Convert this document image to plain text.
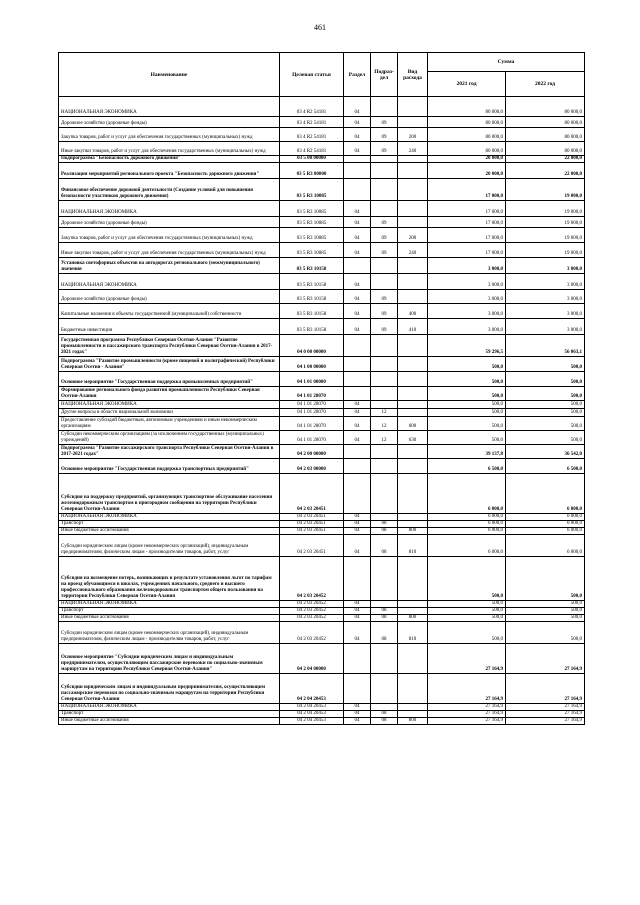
461
Наименование	Целевая статья	Раздел	Подраз-дел	Вид расхода	Сумма	
					2021 год	2022 год
НАЦИОНАЛЬНАЯ ЭКОНОМИКА	03 4 R2 54181	04			80 000,0	80 000,0
Дорожное хозяйство (дорожные фонды)	03 4 R2 54181	04	09		80 000,0	80 000,0
Закупка товаров, работ и услуг для обеспечения государственных (муниципальных) нужд	03 4 R2 54181	04	09	200	80 000,0	80 000,0
Иные закупки товаров, работ и услуг для обеспечения государственных (муниципальных) нужд	03 4 R2 54181	04	09	240	80 000,0	80 000,0
Подпрограмма "Безопасность дорожного движения"	03 5 00 00000				20 000,0	22 000,0
Реализация мероприятий регионального проекта "Безопасность дорожного движения"	03 5 R3 00000				20 000,0	22 000,0
Финансовое обеспечение дорожной деятельности (Создание условий для повышения безопасности участников дорожного движения)	03 5 R3 10085				17 000,0	19 000,0
НАЦИОНАЛЬНАЯ ЭКОНОМИКА	03 5 R3 10085	04			17 000,0	19 000,0
Дорожное хозяйство (дорожные фонды)	03 5 R3 10085	04	09		17 000,0	19 000,0
Закупка товаров, работ и услуг для обеспечения государственных (муниципальных) нужд	03 5 R3 10085	04	09	200	17 000,0	19 000,0
Иные закупки товаров, работ и услуг для обеспечения государственных (муниципальных) нужд	03 5 R3 10085	04	09	240	17 000,0	19 000,0
Установка светофорных объектов на автодорогах регионального (межмуниципального) значения	03 5 R3 10158				3 000,0	3 000,0
НАЦИОНАЛЬНАЯ ЭКОНОМИКА	03 5 R3 10158	04			3 000,0	3 000,0
Дорожное хозяйство (дорожные фонды)	03 5 R3 10158	04	09		3 000,0	3 000,0
Капитальные вложения в объекты государственной (муниципальной) собственности	03 5 R3 10158	04	09	400	3 000,0	3 000,0
Бюджетные инвестиции	03 5 R3 10158	04	09	410	3 000,0	3 000,0
Государственная программа Республики Северная Осетия-Алания "Развитие промышленности и пассажирского транспорта Республики Северная Осетия-Алания в 2017-2021 годах"	04 0 00 00000				59 296,5	56 063,1
Подпрограмма "Развитие промышленности (кроме пищевой и полиграфической) Республики Северная Осетия - Алания"	04 1 00 00000				500,0	500,0
Основное мероприятие "Государственная поддержка промышленных предприятий"	04 1 01 00000				500,0	500,0
Формирование регионального фонда развития промышленности Республики Северная Осетия-Алания	04 1 01 28070				500,0	500,0
НАЦИОНАЛЬНАЯ ЭКОНОМИКА	04 1 01 28070	04			500,0	500,0
Другие вопросы в области национальной экономики	04 1 01 28070	04	12		500,0	500,0
Предоставление субсидий бюджетным, автономным учреждениям и иным некоммерческим организациям	04 1 01 28070	04	12	600	500,0	500,0
Субсидии некоммерческим организациям (за исключением государственных (муниципальных) учреждений)	04 1 01 28070	04	12	630	500,0	500,0
Подпрограмма "Развитие пассажирского транспорта Республики Северная Осетия-Алания в 2017-2021 годах"	04 2 00 00000				39 137,8	36 542,0
Основное мероприятие "Государственная поддержка транспортных предприятий"	04 2 03 00000				6 500,0	6 500,0
Субсидия на поддержку предприятий, организующих транспортное обслуживание населения железнодорожным транспортом в пригородном сообщении на территории Республики Северная Осетия-Алания	04 2 03 20451				6 000,0	6 000,0
НАЦИОНАЛЬНАЯ ЭКОНОМИКА	04 2 03 20451	04			6 000,0	6 000,0
Транспорт	04 2 03 20451	04	08		6 000,0	6 000,0
Иные бюджетные ассигнования	04 2 03 20451	04	08	800	6 000,0	6 000,0
Субсидии юридическим лицам (кроме некоммерческих организаций), индивидуальным предпринимателям, физическим лицам - производителям товаров, работ, услуг	04 2 03 20451	04	08	810	6 000,0	6 000,0
Субсидия на возмещение потерь, возникающих в результате установления льгот по тарифам на проезд обучающимся в школах, учреждениях начального, среднего и высшего профессионального образования железнодорожным транспортом общего пользования на территории Республики Северная Осетия-Алания	04 2 03 20452				500,0	500,0
НАЦИОНАЛЬНАЯ ЭКОНОМИКА	04 2 03 20452	04			500,0	500,0
Транспорт	04 2 03 20452	04	08		500,0	500,0
Иные бюджетные ассигнования	04 2 03 20452	04	08	800	500,0	500,0
Субсидии юридическим лицам (кроме некоммерческих организаций), индивидуальным предпринимателям, физическим лицам - производителям товаров, работ, услуг	04 2 03 20452	04	08	810	500,0	500,0
Основное мероприятие "Субсидии юридическим лицам и индивидуальным предпринимателям, осуществляющим пассажирские перевозки по социально-значимым маршрутам на территории Республики Северная Осетия-Алания"	04 2 04 00000				27 164,9	27 164,9
Субсидии юридическим лицам и индивидуальным предпринимателям, осуществляющим пассажирские перевозки по социально-значимым маршрутам на территории Республики Северная Осетия-Алания	04 2 04 20453				27 164,9	27 164,9
НАЦИОНАЛЬНАЯ ЭКОНОМИКА	04 2 04 20453	04			27 164,9	27 164,9
Транспорт	04 2 04 20453	04	08		27 164,9	27 164,9
Иные бюджетные ассигнования	04 2 04 20453	04	08	800	27 164,9	27 164,9
